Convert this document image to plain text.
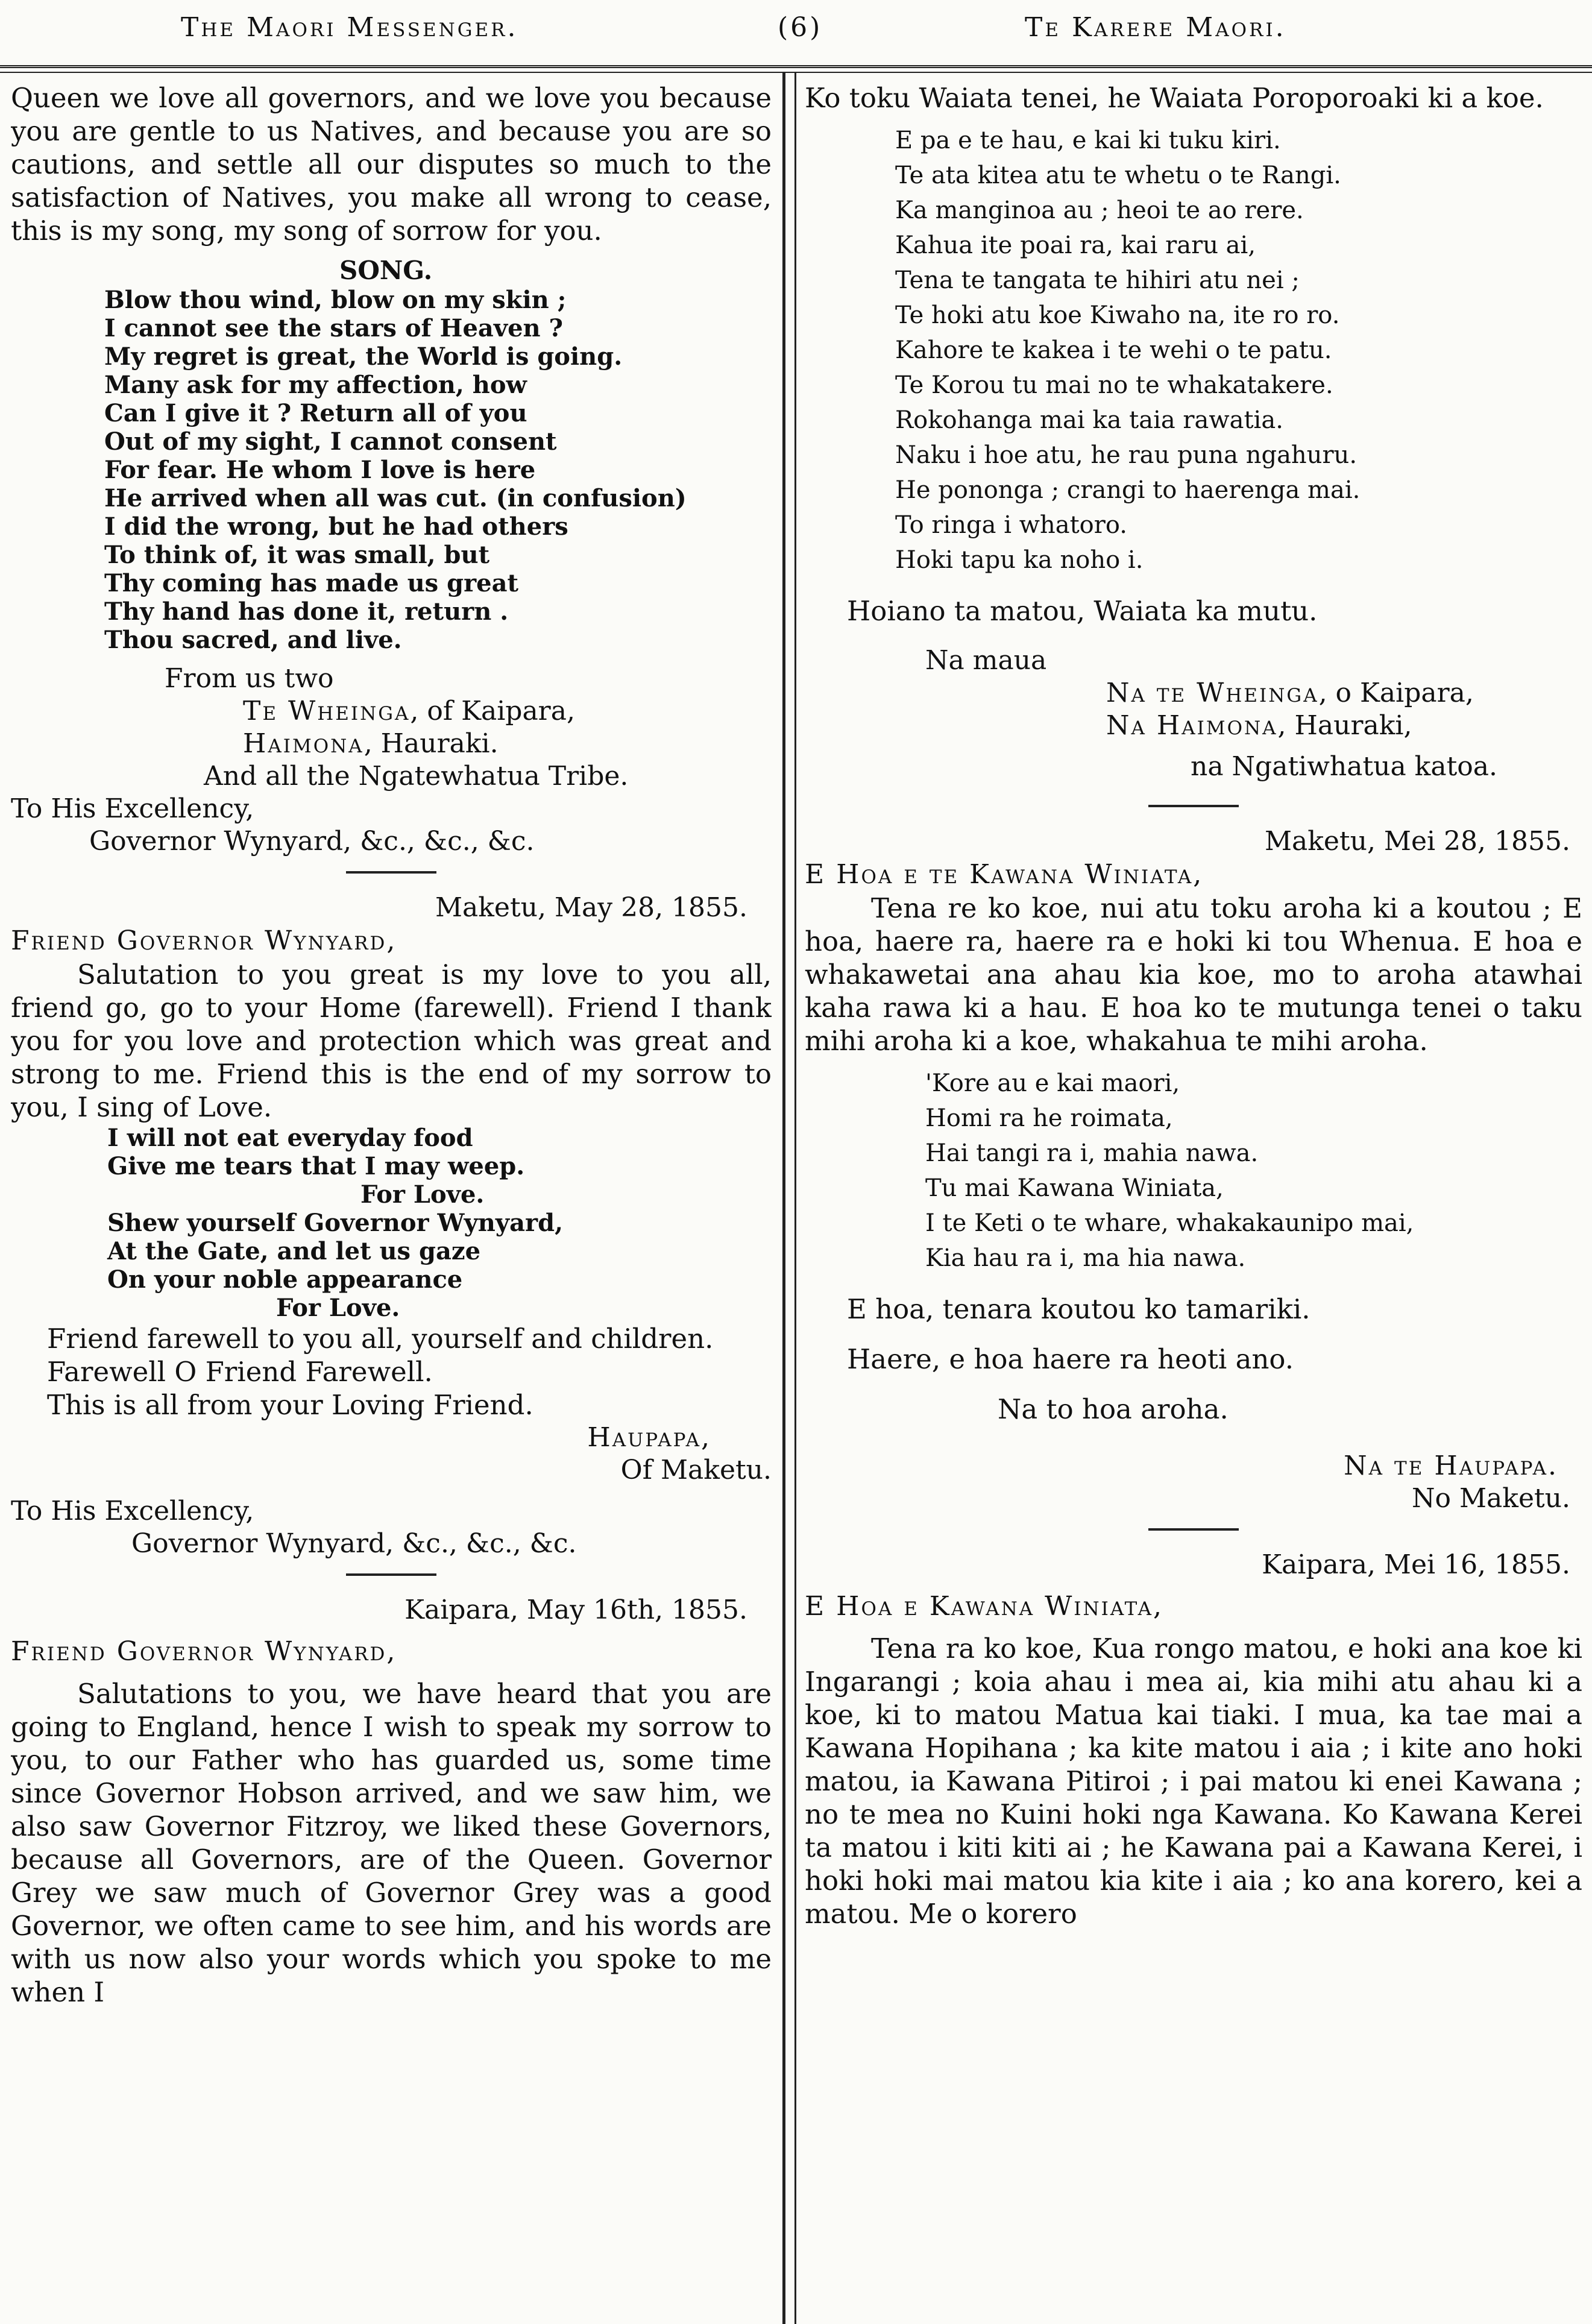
The Maori Messenger.	(6)	Te Karere Maori.

Queen we love all governors, and we love you because you are gentle to us Natives, and because you are so cautions, and settle all our disputes so much to the satisfaction of Natives, you make all wrong to cease, this is my song, my song of sorrow for you.

SONG.

Blow thou wind, blow on my skin ;

I cannot see the stars of Heaven ?

My regret is great, the World is going.

Many ask for my affection, how

Can I give it ? Return all of you

Out of my sight, I cannot consent

For fear. He whom I love is here

He arrived when all was cut. (in confusion)

I did the wrong, but he had others

To think of, it was small, but

Thy coming has made us great

Thy hand has done it, return .

Thou sacred, and live.

From us two

Te Wheinga, of Kaipara,

Haimona, Hauraki.

And all the Ngatewhatua Tribe.

To His Excellency,

Governor Wynyard, &c., &c., &c.

Maketu, May 28, 1855.

Friend Governor Wynyard,

Salutation to you great is my love to you all, friend go, go to your Home (farewell). Friend I thank you for you love and protection which was great and strong to me. Friend this is the end of my sorrow to you, I sing of Love.

I will not eat everyday food

Give me tears that I may weep.

For Love.

Shew yourself Governor Wynyard,

At the Gate, and let us gaze

On your noble appearance

For Love.

Friend farewell to you all, yourself and children.

Farewell O Friend Farewell.

This is all from your Loving Friend.

Haupapa,

Of Maketu.

To His Excellency,

Governor Wynyard, &c., &c., &c.

Kaipara, May 16th, 1855.

Friend Governor Wynyard,

Salutations to you, we have heard that you are going to England, hence I wish to speak my sorrow to you, to our Father who has guarded us, some time since Governor Hobson arrived, and we saw him, we also saw Governor Fitzroy, we liked these Governors, because all Governors, are of the Queen. Governor Grey we saw much of Governor Grey was a good Governor, we often came to see him, and his words are with us now also your words which you spoke to me when I

Ko toku Waiata tenei, he Waiata Poroporoaki ki a koe.

E pa e te hau, e kai ki tuku kiri.

Te ata kitea atu te whetu o te Rangi.

Ka manginoa au ; heoi te ao rere.

Kahua ite poai ra, kai raru ai,

Tena te tangata te hihiri atu nei ;

Te hoki atu koe Kiwaho na, ite ro ro.

Kahore te kakea i te wehi o te patu.

Te Korou tu mai no te whakatakere.

Rokohanga mai ka taia rawatia.

Naku i hoe atu, he rau puna ngahuru.

He pononga ; crangi to haerenga mai.

To ringa i whatoro.

Hoki tapu ka noho i.

Hoiano ta matou, Waiata ka mutu.

Na maua

Na te Wheinga, o Kaipara,

Na Haimona, Hauraki,

na Ngatiwhatua katoa.

Maketu, Mei 28, 1855.

E Hoa e te Kawana Winiata,

Tena re ko koe, nui atu toku aroha ki a koutou ; E hoa, haere ra, haere ra e hoki ki tou Whenua. E hoa e whakawetai ana ahau kia koe, mo to aroha atawhai kaha rawa ki a hau. E hoa ko te mutunga tenei o taku mihi aroha ki a koe, whakahua te mihi aroha.

'Kore au e kai maori,

Homi ra he roimata,

Hai tangi ra i, mahia nawa.

Tu mai Kawana Winiata,

I te Keti o te whare, whakakaunipo mai,

Kia hau ra i, ma hia nawa.

E hoa, tenara koutou ko tamariki.

Haere, e hoa haere ra heoti ano.

Na to hoa aroha.

Na te Haupapa.

No Maketu.

Kaipara, Mei 16, 1855.

E Hoa e Kawana Winiata,

Tena ra ko koe, Kua rongo matou, e hoki ana koe ki Ingarangi ; koia ahau i mea ai, kia mihi atu ahau ki a koe, ki to matou Matua kai tiaki. I mua, ka tae mai a Kawana Hopihana ; ka kite matou i aia ; i kite ano hoki matou, ia Kawana Pitiroi ; i pai matou ki enei Kawana ; no te mea no Kuini hoki nga Kawana. Ko Kawana Kerei ta matou i kiti kiti ai ; he Kawana pai a Kawana Kerei, i hoki hoki mai matou kia kite i aia ; ko ana korero, kei a matou. Me o korero
